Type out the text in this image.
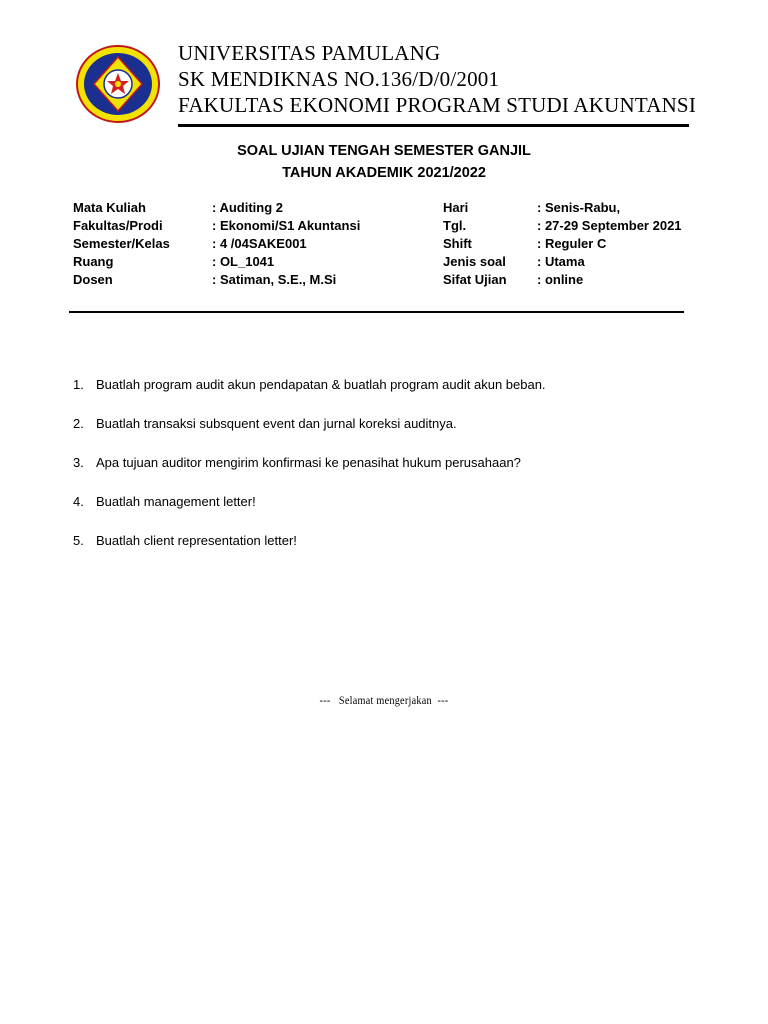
UNIVERSITAS PAMULANG
SK MENDIKNAS NO.136/D/0/2001
FAKULTAS EKONOMI PROGRAM STUDI AKUNTANSI
SOAL UJIAN TENGAH SEMESTER GANJIL
TAHUN AKADEMIK 2021/2022
Mata Kuliah	: Auditing 2
Fakultas/Prodi	: Ekonomi/S1 Akuntansi
Semester/Kelas	: 4 /04SAKE001
Ruang	: OL_1041
Dosen	: Satiman, S.E., M.Si
Hari	: Senis-Rabu,
Tgl.	: 27-29 September 2021
Shift	: Reguler C
Jenis soal : Utama
Sifat Ujian : online
1. Buatlah program audit akun pendapatan & buatlah program audit akun beban.
2. Buatlah transaksi subsquent event dan jurnal koreksi auditnya.
3. Apa tujuan auditor mengirim konfirmasi ke penasihat hukum perusahaan?
4. Buatlah management letter!
5. Buatlah client representation letter!
---   Selamat mengerjakan  ---
